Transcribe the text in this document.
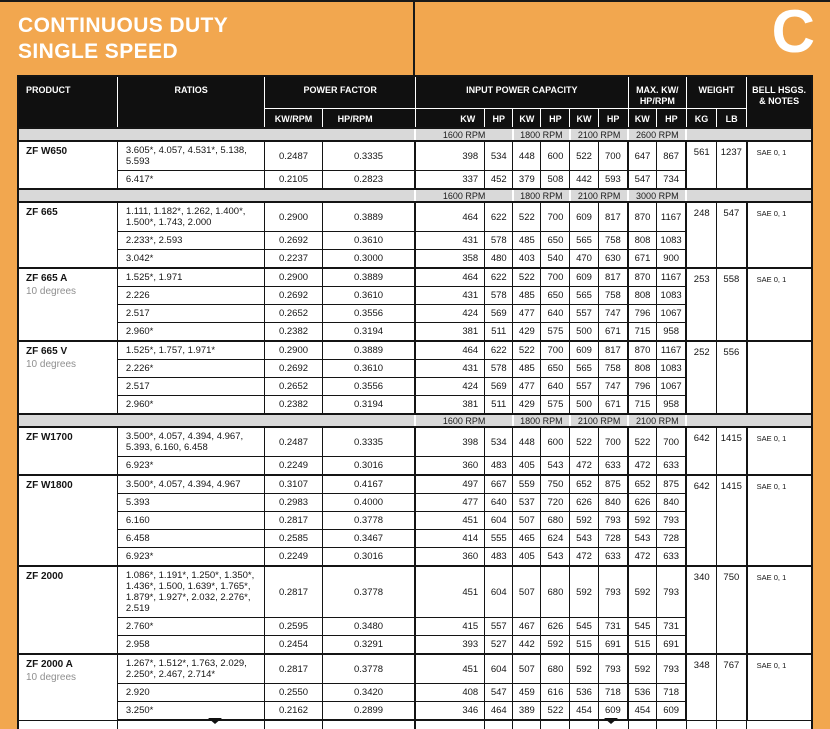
CONTINUOUS DUTY
SINGLE SPEED	C
PRODUCT	RATIOS	POWER FACTOR		INPUT POWER CAPACITY						MAX. KW/
HP/RPM		WEIGHT		BELL HSGS.
& NOTES

		KW/RPM	HP/RPM	KW	HP	KW	HP	KW	HP	KW	HP	KG	LB	
				1600 RPM		1800 RPM		2100 RPM		2600 RPM				

ZF W650	3.605*, 4.057, 4.531*, 5.138, 5.593	0.2487	0.3335	398	534	448	600	522	700	647	867	561	1237	SAE 0, 1
	6.417*	0.2105	0.2823	337	452	379	508	442	593	547	734			
				1600 RPM		1800 RPM		2100 RPM		3000 RPM				

ZF 665	1.111, 1.182*, 1.262, 1.400*, 1.500*, 1.743, 2.000	0.2900	0.3889	464	622	522	700	609	817	870	1167	248	547	SAE 0, 1
	2.233*, 2.593	0.2692	0.3610	431	578	485	650	565	758	808	1083			
	3.042*	0.2237	0.3000	358	480	403	540	470	630	671	900			

ZF 665 A
10 degrees	1.525*, 1.971	0.2900	0.3889	464	622	522	700	609	817	870	1167	253	558	SAE 0, 1
	2.226	0.2692	0.3610	431	578	485	650	565	758	808	1083			
	2.517	0.2652	0.3556	424	569	477	640	557	747	796	1067			
	2.960*	0.2382	0.3194	381	511	429	575	500	671	715	958			

ZF 665 V
10 degrees	1.525*, 1.757, 1.971*	0.2900	0.3889	464	622	522	700	609	817	870	1167	252	556	
	2.226*	0.2692	0.3610	431	578	485	650	565	758	808	1083			
	2.517	0.2652	0.3556	424	569	477	640	557	747	796	1067			
	2.960*	0.2382	0.3194	381	511	429	575	500	671	715	958			
				1600 RPM		1800 RPM		2100 RPM		2100 RPM				

ZF W1700	3.500*, 4.057, 4.394, 4.967, 5.393, 6.160, 6.458	0.2487	0.3335	398	534	448	600	522	700	522	700	642	1415	SAE 0, 1
	6.923*	0.2249	0.3016	360	483	405	543	472	633	472	633			

ZF W1800	3.500*, 4.057, 4.394, 4.967	0.3107	0.4167	497	667	559	750	652	875	652	875	642	1415	SAE 0, 1
	5.393	0.2983	0.4000	477	640	537	720	626	840	626	840			
	6.160	0.2817	0.3778	451	604	507	680	592	793	592	793			
	6.458	0.2585	0.3467	414	555	465	624	543	728	543	728			
	6.923*	0.2249	0.3016	360	483	405	543	472	633	472	633			

ZF 2000	1.086*, 1.191*, 1.250*, 1.350*, 1.436*, 1.500, 1.639*, 1.765*, 1.879*, 1.927*, 2.032, 2.276*, 2.519	0.2817	0.3778	451	604	507	680	592	793	592	793	340	750	SAE 0, 1
	2.760*	0.2595	0.3480	415	557	467	626	545	731	545	731			
	2.958	0.2454	0.3291	393	527	442	592	515	691	515	691			

ZF 2000 A
10 degrees	1.267*, 1.512*, 1.763, 2.029, 2.250*, 2.467, 2.714*	0.2817	0.3778	451	604	507	680	592	793	592	793	348	767	SAE 0, 1
	2.920	0.2550	0.3420	408	547	459	616	536	718	536	718			
	3.250*	0.2162	0.2899	346	464	389	522	454	609	454	609			
